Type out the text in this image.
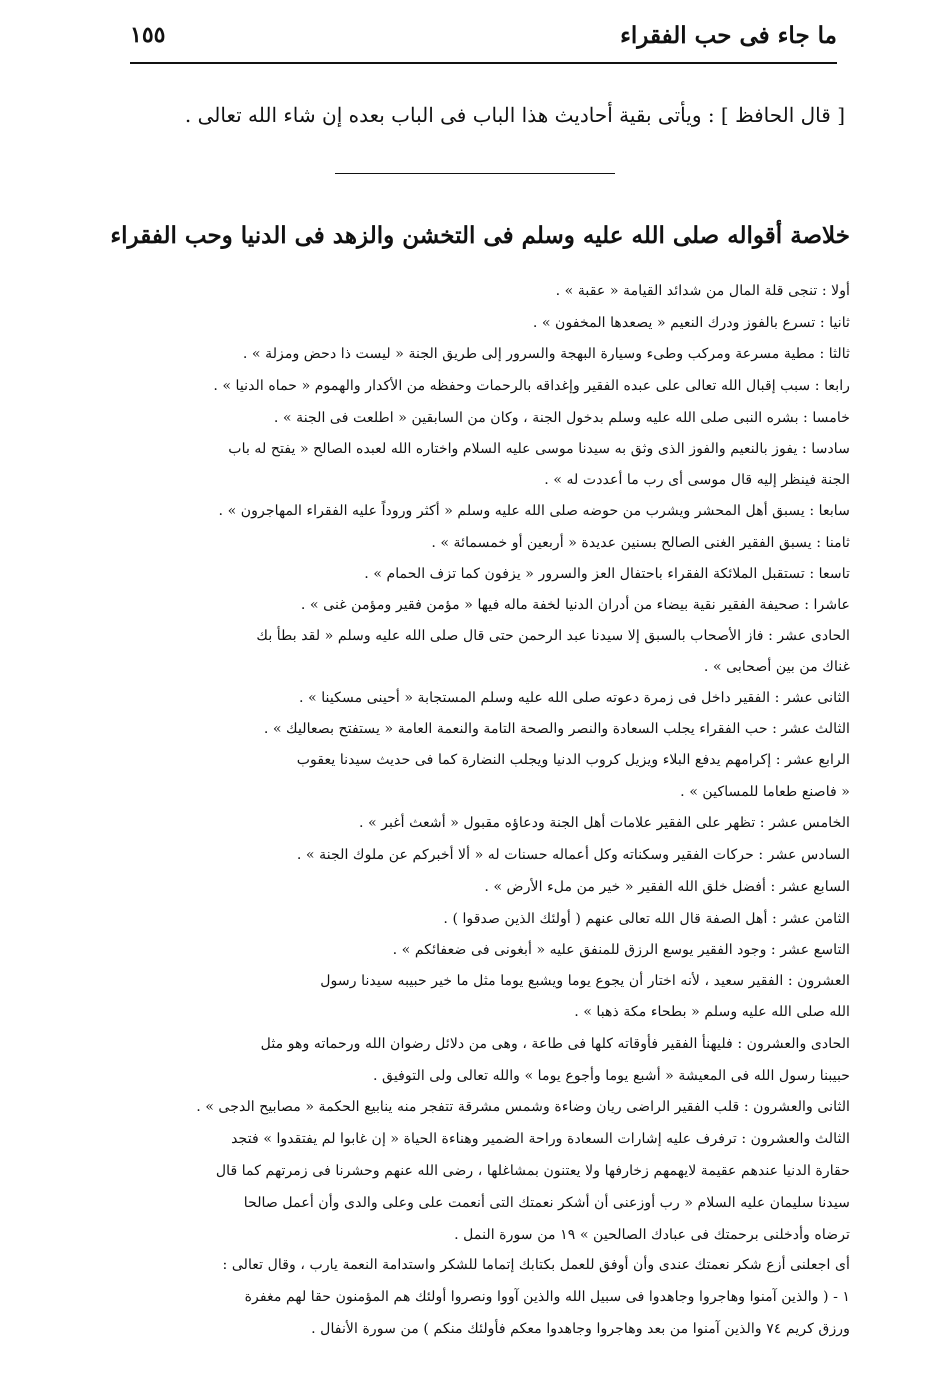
ما جاء فى حب الفقراء
١٥٥
[ قال الحافظ ] : ويأتى بقية أحاديث هذا الباب فى الباب بعده إن شاء الله تعالى .
خلاصة أقواله صلى الله عليه وسلم فى التخشن والزهد فى الدنيا وحب الفقراء
أولا : تنجى قلة المال من شدائد القيامة « عقبة » .
ثانيا : تسرع بالفوز ودرك النعيم « يصعدها المخفون » .
ثالثا : مطية مسرعة ومركب وطىء وسيارة البهجة والسرور إلى طريق الجنة « ليست ذا دحض ومزلة » .
رابعا : سبب إقبال الله تعالى على عبده الفقير وإغداقه بالرحمات وحفظه من الأكدار والهموم « حماه الدنيا » .
خامسا : بشره النبى صلى الله عليه وسلم بدخول الجنة ، وكان من السابقين « اطلعت فى الجنة » .
سادسا : يفوز بالنعيم والفوز الذى وثق به سيدنا موسى عليه السلام واختاره الله لعبده الصالح « يفتح له باب
الجنة فينظر إليه قال موسى أى رب ما أعددت له » .
سابعا : يسبق أهل المحشر ويشرب من حوضه صلى الله عليه وسلم « أكثر وروداً عليه الفقراء المهاجرون » .
ثامنا : يسبق الفقير الغنى الصالح بسنين عديدة « أربعين أو خمسمائة » .
تاسعا : تستقبل الملائكة الفقراء باحتفال العز والسرور « يزفون كما تزف الحمام » .
عاشرا : صحيفة الفقير نقية بيضاء من أدران الدنيا لخفة ماله فيها « مؤمن فقير ومؤمن غنى » .
الحادى عشر : فاز الأصحاب بالسبق إلا سيدنا عبد الرحمن حتى قال صلى الله عليه وسلم « لقد بطأ بك
غناك من بين أصحابى » .
الثانى عشر : الفقير داخل فى زمرة دعوته صلى الله عليه وسلم المستجابة « أحينى مسكينا » .
الثالث عشر : حب الفقراء يجلب السعادة والنصر والصحة التامة والنعمة العامة « يستفتح بصعاليك » .
الرابع عشر : إكرامهم يدفع البلاء ويزيل كروب الدنيا ويجلب النضارة كما فى حديث سيدنا يعقوب
« فاصنع طعاما للمساكين » .
الخامس عشر : تظهر على الفقير علامات أهل الجنة ودعاؤه مقبول « أشعث أغبر » .
السادس عشر : حركات الفقير وسكناته وكل أعماله حسنات له « ألا أخبركم عن ملوك الجنة » .
السابع عشر : أفضل خلق الله الفقير « خير من ملء الأرض » .
الثامن عشر : أهل الصفة قال الله تعالى عنهم ( أولئك الذين صدقوا ) .
التاسع عشر : وجود الفقير يوسع الرزق للمنفق عليه « أبغونى فى ضعفائكم » .
العشرون : الفقير سعيد ، لأنه اختار أن يجوع يوما ويشبع يوما مثل ما خير حبيبه سيدنا رسول
الله صلى الله عليه وسلم « بطحاء مكة ذهبا » .
الحادى والعشرون : فليهنأ الفقير فأوقاته كلها فى طاعة ، وهى من دلائل رضوان الله ورحماته وهو مثل
حبيبنا رسول الله فى المعيشة « أشبع يوما وأجوع يوما » والله تعالى ولى التوفيق .
الثانى والعشرون : قلب الفقير الراضى ريان وضاءة وشمس مشرقة تتفجر منه ينابيع الحكمة « مصابيح الدجى » .
الثالث والعشرون : ترفرف عليه إشارات السعادة وراحة الضمير وهناءة الحياة « إن غابوا لم يفتقدوا » فتجد
حقارة الدنيا عندهم عقيمة لايهمهم زخارفها ولا يعتنون بمشاغلها ، رضى الله عنهم وحشرنا فى زمرتهم كما قال
سيدنا سليمان عليه السلام « رب أوزعنى أن أشكر نعمتك التى أنعمت على وعلى والدى وأن أعمل صالحا
ترضاه وأدخلنى برحمتك فى عبادك الصالحين » ١٩ من سورة النمل .
أى اجعلنى أزع شكر نعمتك عندى وأن أوفق للعمل بكتابك إتماما للشكر واستدامة النعمة يارب ، وقال تعالى :
١ - ( والذين آمنوا وهاجروا وجاهدوا فى سبيل الله والذين آووا ونصروا أولئك هم المؤمنون حقا لهم مغفرة
ورزق كريم ٧٤ والذين آمنوا من بعد وهاجروا وجاهدوا معكم فأولئك منكم ) من سورة الأنفال .
